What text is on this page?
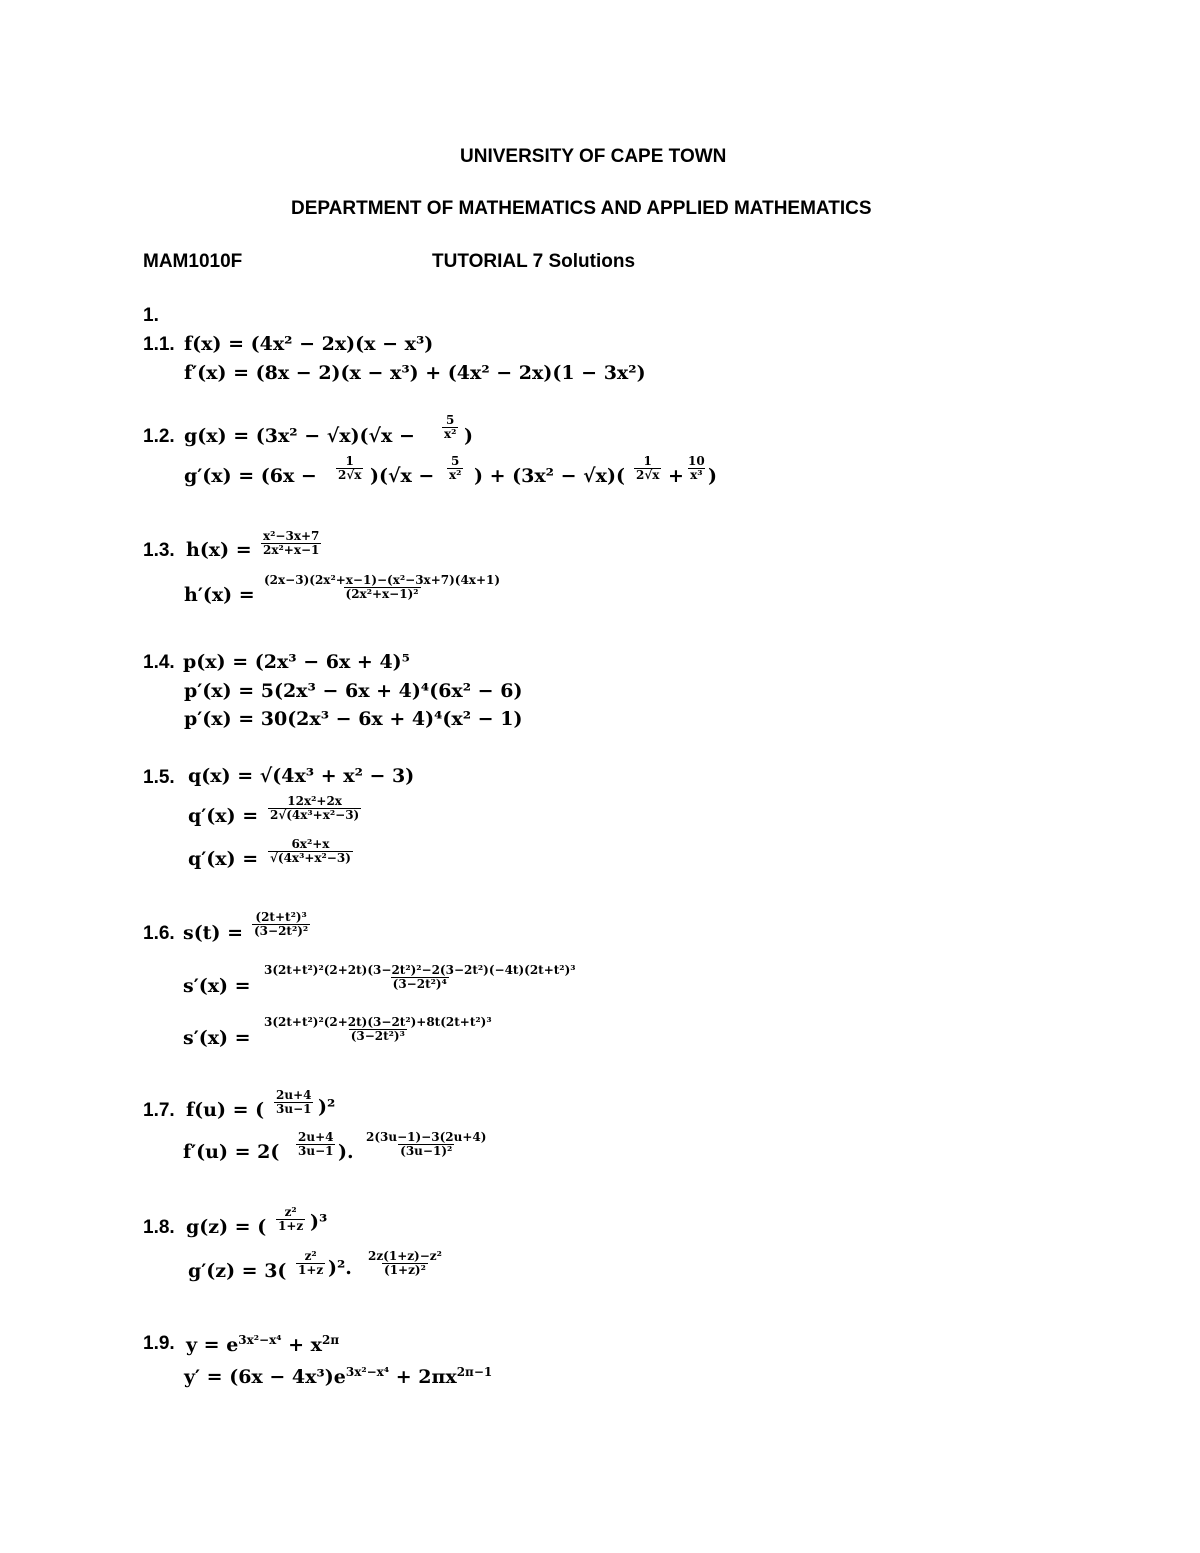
UNIVERSITY OF CAPE TOWN
DEPARTMENT OF MATHEMATICS AND APPLIED MATHEMATICS
MAM1010F	TUTORIAL 7 Solutions
1.
1.1. f(x) = (4x² − 2x)(x − x³)
f′(x) = (8x − 2)(x − x³) + (4x² − 2x)(1 − 3x²)
1.2. $g(x) = (3x^2 - √x)(√x - \frac{5}{\text{x²}}$ )
$g'(x) = (6x - \frac{1}{2√x} )(√x - \frac{5}{\text{x²}}$ ) + $(3x^2 - √x)( \frac{1}{2√x} + \frac{10}{\text{x³}}$ )
1.3. $h(x) = \frac{\text{x²−3x+7}}{\text{2x²+x−1}}$
$h'(x) = \frac{\text{(2x−3)(2x²+x−1)−(x²−3x+7)(4x+1)}}{\text{(2x²+x−1)²}}$
1.4. p(x) = (2x³ − 6x + 4)⁵
p′(x) = 5(2x³ − 6x + 4)⁴(6x² − 6)
p′(x) = 30(2x³ − 6x + 4)⁴(x² − 1)
1.5. q(x) = √(4x³ + x² − 3)
$q'(x) = \frac{\text{12x²+2x}}{\text{2√(4x³+x²−3)}}$
$q'(x) = \frac{\text{6x²+x}}{\text{√(4x³+x²−3)}}$
1.6. $s(t) = \frac{\text{(2t+t²)³}}{\text{(3−2t²)²}}$
$s'(x) = \frac{\text{3(2t+t²)²(2+2t)(3−2t²)²−2(3−2t²)(−4t)(2t+t²)³}}{\text{(3−2t²)⁴}}$
$s'(x) = \frac{\text{3(2t+t²)²(2+2t)(3−2t²)+8t(2t+t²)³}}{\text{(3−2t²)³}}$
1.7. f(u) = ( $\frac{2u+4}{3u-1} )^2$
$f'(u) = 2( \frac{2u+4}{3u-1}$ ). $\frac{2(3u-1)-3(2u+4)}{\text{(3u−1)²}}$
1.8. g(z) = ( $\frac{\text{z²}}{1+z} )^3$
$g'(z) = 3( \frac{\text{z²}}{1+z} )^2$. $\frac{\text{2z(1+z)−z²}}{\text{(1+z)²}}$
1.9. $y = e^{3x^2-x^4} + x^{2\pi}$
$y' = (6x - 4x^3)e^{3x^2-x^4} + 2\pi x^{2\pi-1}$
